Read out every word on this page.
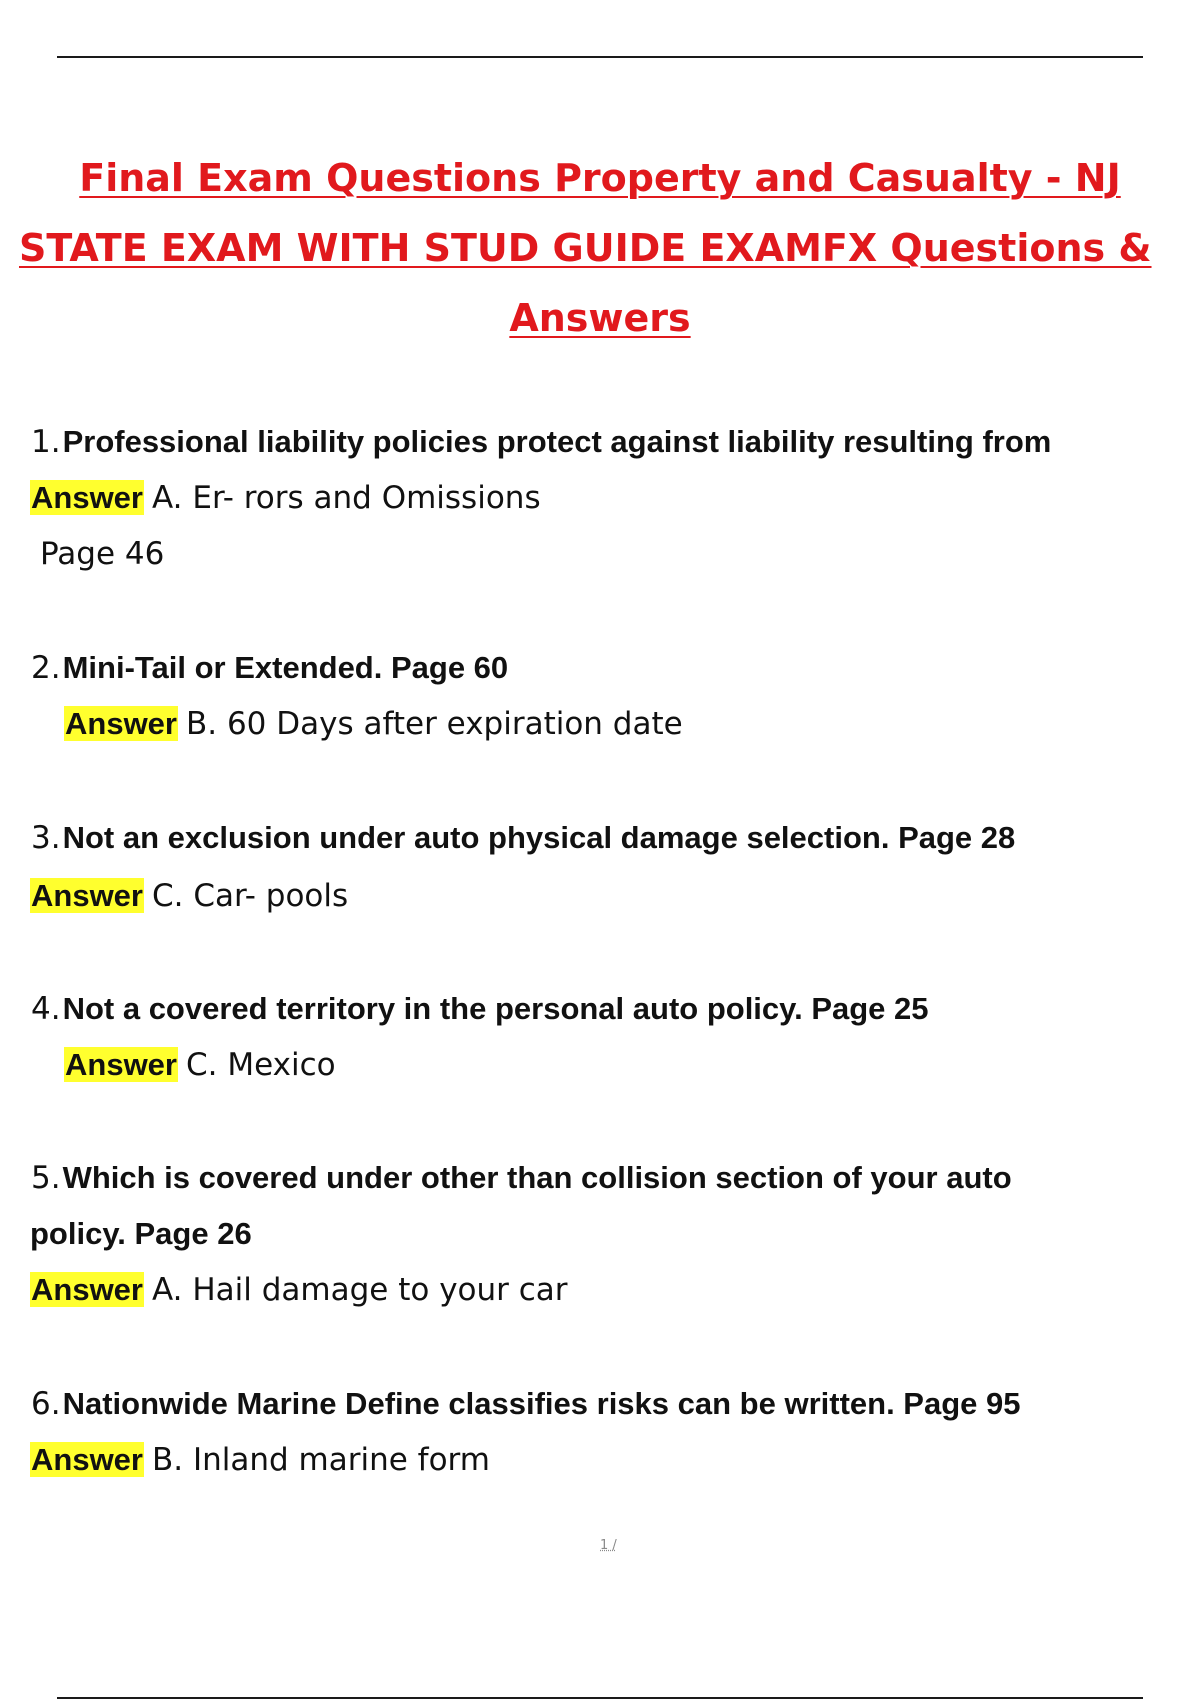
Final Exam Questions Property and Casualty - NJ
STATE EXAM WITH STUD GUIDE EXAMFX Questions &
Answers
1.Professional liability policies protect against liability resulting from
Answer A. Er- rors and Omissions
Page 46
2.Mini-Tail or Extended. Page 60
Answer B. 60 Days after expiration date
3.Not an exclusion under auto physical damage selection. Page 28
Answer C. Car- pools
4.Not a covered territory in the personal auto policy. Page 25
Answer C. Mexico
5.Which is covered under other than collision section of your auto
policy. Page 26
Answer A. Hail damage to your car
6.Nationwide Marine Define classifies risks can be written. Page 95
Answer B. Inland marine form
1 /
